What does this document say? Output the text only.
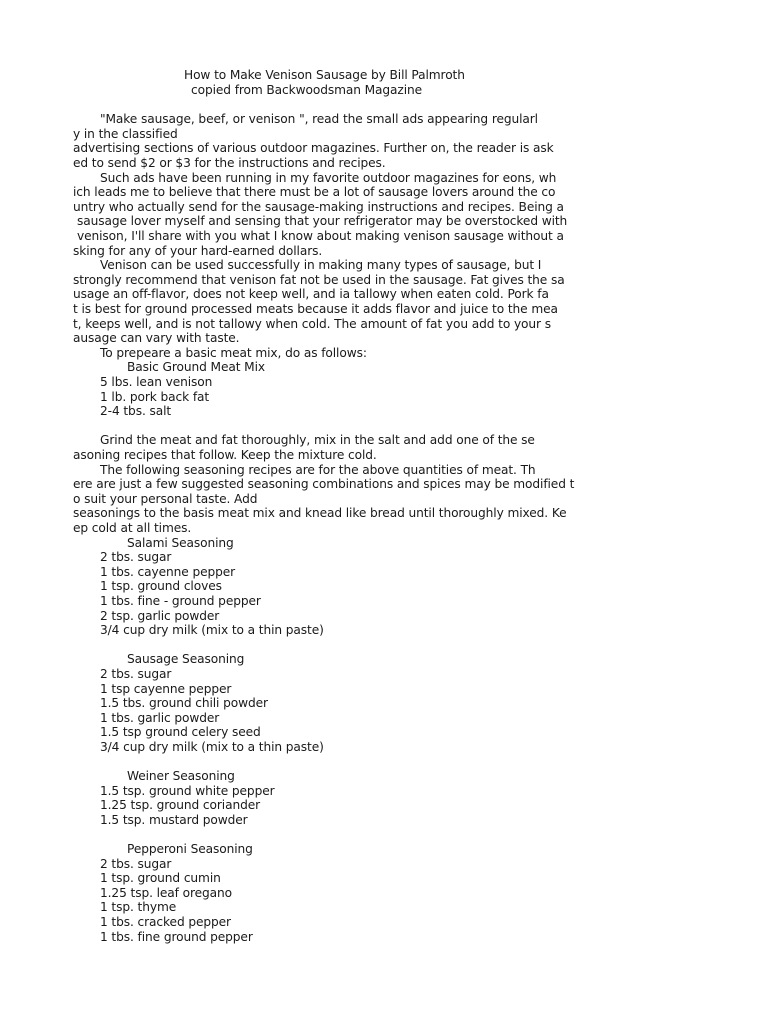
How to Make Venison Sausage by Bill Palmroth
copied from Backwoodsman Magazine
"Make sausage, beef, or venison ", read the small ads appearing regularl
y in the classified
advertising sections of various outdoor magazines. Further on, the reader is ask
ed to send $2 or $3 for the instructions and recipes.
Such ads have been running in my favorite outdoor magazines for eons, wh
ich leads me to believe that there must be a lot of sausage lovers around the co
untry who actually send for the sausage-making instructions and recipes. Being a
sausage lover myself and sensing that your refrigerator may be overstocked with
venison, I'll share with you what I know about making venison sausage without a
sking for any of your hard-earned dollars.
Venison can be used successfully in making many types of sausage, but I
strongly recommend that venison fat not be used in the sausage. Fat gives the sa
usage an off-flavor, does not keep well, and ia tallowy when eaten cold. Pork fa
t is best for ground processed meats because it adds flavor and juice to the mea
t, keeps well, and is not tallowy when cold. The amount of fat you add to your s
ausage can vary with taste.
To prepeare a basic meat mix, do as follows:
Basic Ground Meat Mix
5 lbs. lean venison
1 lb. pork back fat
2-4 tbs. salt
Grind the meat and fat thoroughly, mix in the salt and add one of the se
asoning recipes that follow. Keep the mixture cold.
The following seasoning recipes are for the above quantities of meat. Th
ere are just a few suggested seasoning combinations and spices may be modified t
o suit your personal taste. Add
seasonings to the basis meat mix and knead like bread until thoroughly mixed. Ke
ep cold at all times.
Salami Seasoning
2 tbs. sugar
1 tbs. cayenne pepper
1 tsp. ground cloves
1 tbs. fine - ground pepper
2 tsp. garlic powder
3/4 cup dry milk (mix to a thin paste)
Sausage Seasoning
2 tbs. sugar
1 tsp cayenne pepper
1.5 tbs. ground chili powder
1 tbs. garlic powder
1.5 tsp ground celery seed
3/4 cup dry milk (mix to a thin paste)
Weiner Seasoning
1.5 tsp. ground white pepper
1.25 tsp. ground coriander
1.5 tsp. mustard powder
Pepperoni Seasoning
2 tbs. sugar
1 tsp. ground cumin
1.25 tsp. leaf oregano
1 tsp. thyme
1 tbs. cracked pepper
1 tbs. fine ground pepper
